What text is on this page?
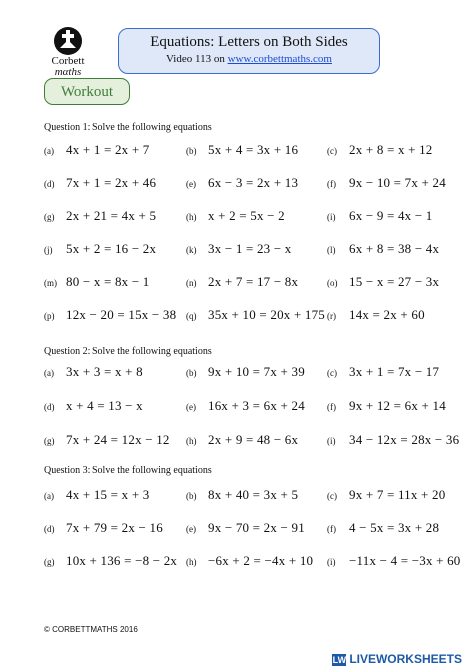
Corbett
mαths
Equations: Letters on Both Sides
Video 113 on www.corbettmaths.com
Workout
Question 1: Solve the following equations
(a) 4x + 1 = 2x + 7	(b) 5x + 4 = 3x + 16	(c) 2x + 8 = x + 12
(d) 7x + 1 = 2x + 46	(e) 6x − 3 = 2x + 13	(f) 9x − 10 = 7x + 24
(g) 2x + 21 = 4x + 5	(h) x + 2 = 5x − 2	(i) 6x − 9 = 4x − 1
(j) 5x + 2 = 16 − 2x	(k) 3x − 1 = 23 − x	(l) 6x + 8 = 38 − 4x
(m) 80 − x = 8x − 1	(n) 2x + 7 = 17 − 8x	(o) 15 − x = 27 − 3x
(p) 12x − 20 = 15x − 38 (q) 35x + 10 = 20x + 175 (r) 14x = 2x + 60
Question 2: Solve the following equations
(a) 3x + 3 = x + 8	(b) 9x + 10 = 7x + 39 (c) 3x + 1 = 7x − 17
(d) x + 4 = 13 − x	(e) 16x + 3 = 6x + 24 (f) 9x + 12 = 6x + 14
(g) 7x + 24 = 12x − 12 (h) 2x + 9 = 48 − 6x	(i) 34 − 12x = 28x − 36
Question 3: Solve the following equations
(a) 4x + 15 = x + 3	(b) 8x + 40 = 3x + 5	(c) 9x + 7 = 11x + 20
(d) 7x + 79 = 2x − 16	(e) 9x − 70 = 2x − 91 (f) 4 − 5x = 3x + 28
(g) 10x + 136 = −8 − 2x (h) −6x + 2 = −4x + 10 (i) −11x − 4 = −3x + 60
© CORBETTMATHS 2016
LW LIVEWORKSHEETS
